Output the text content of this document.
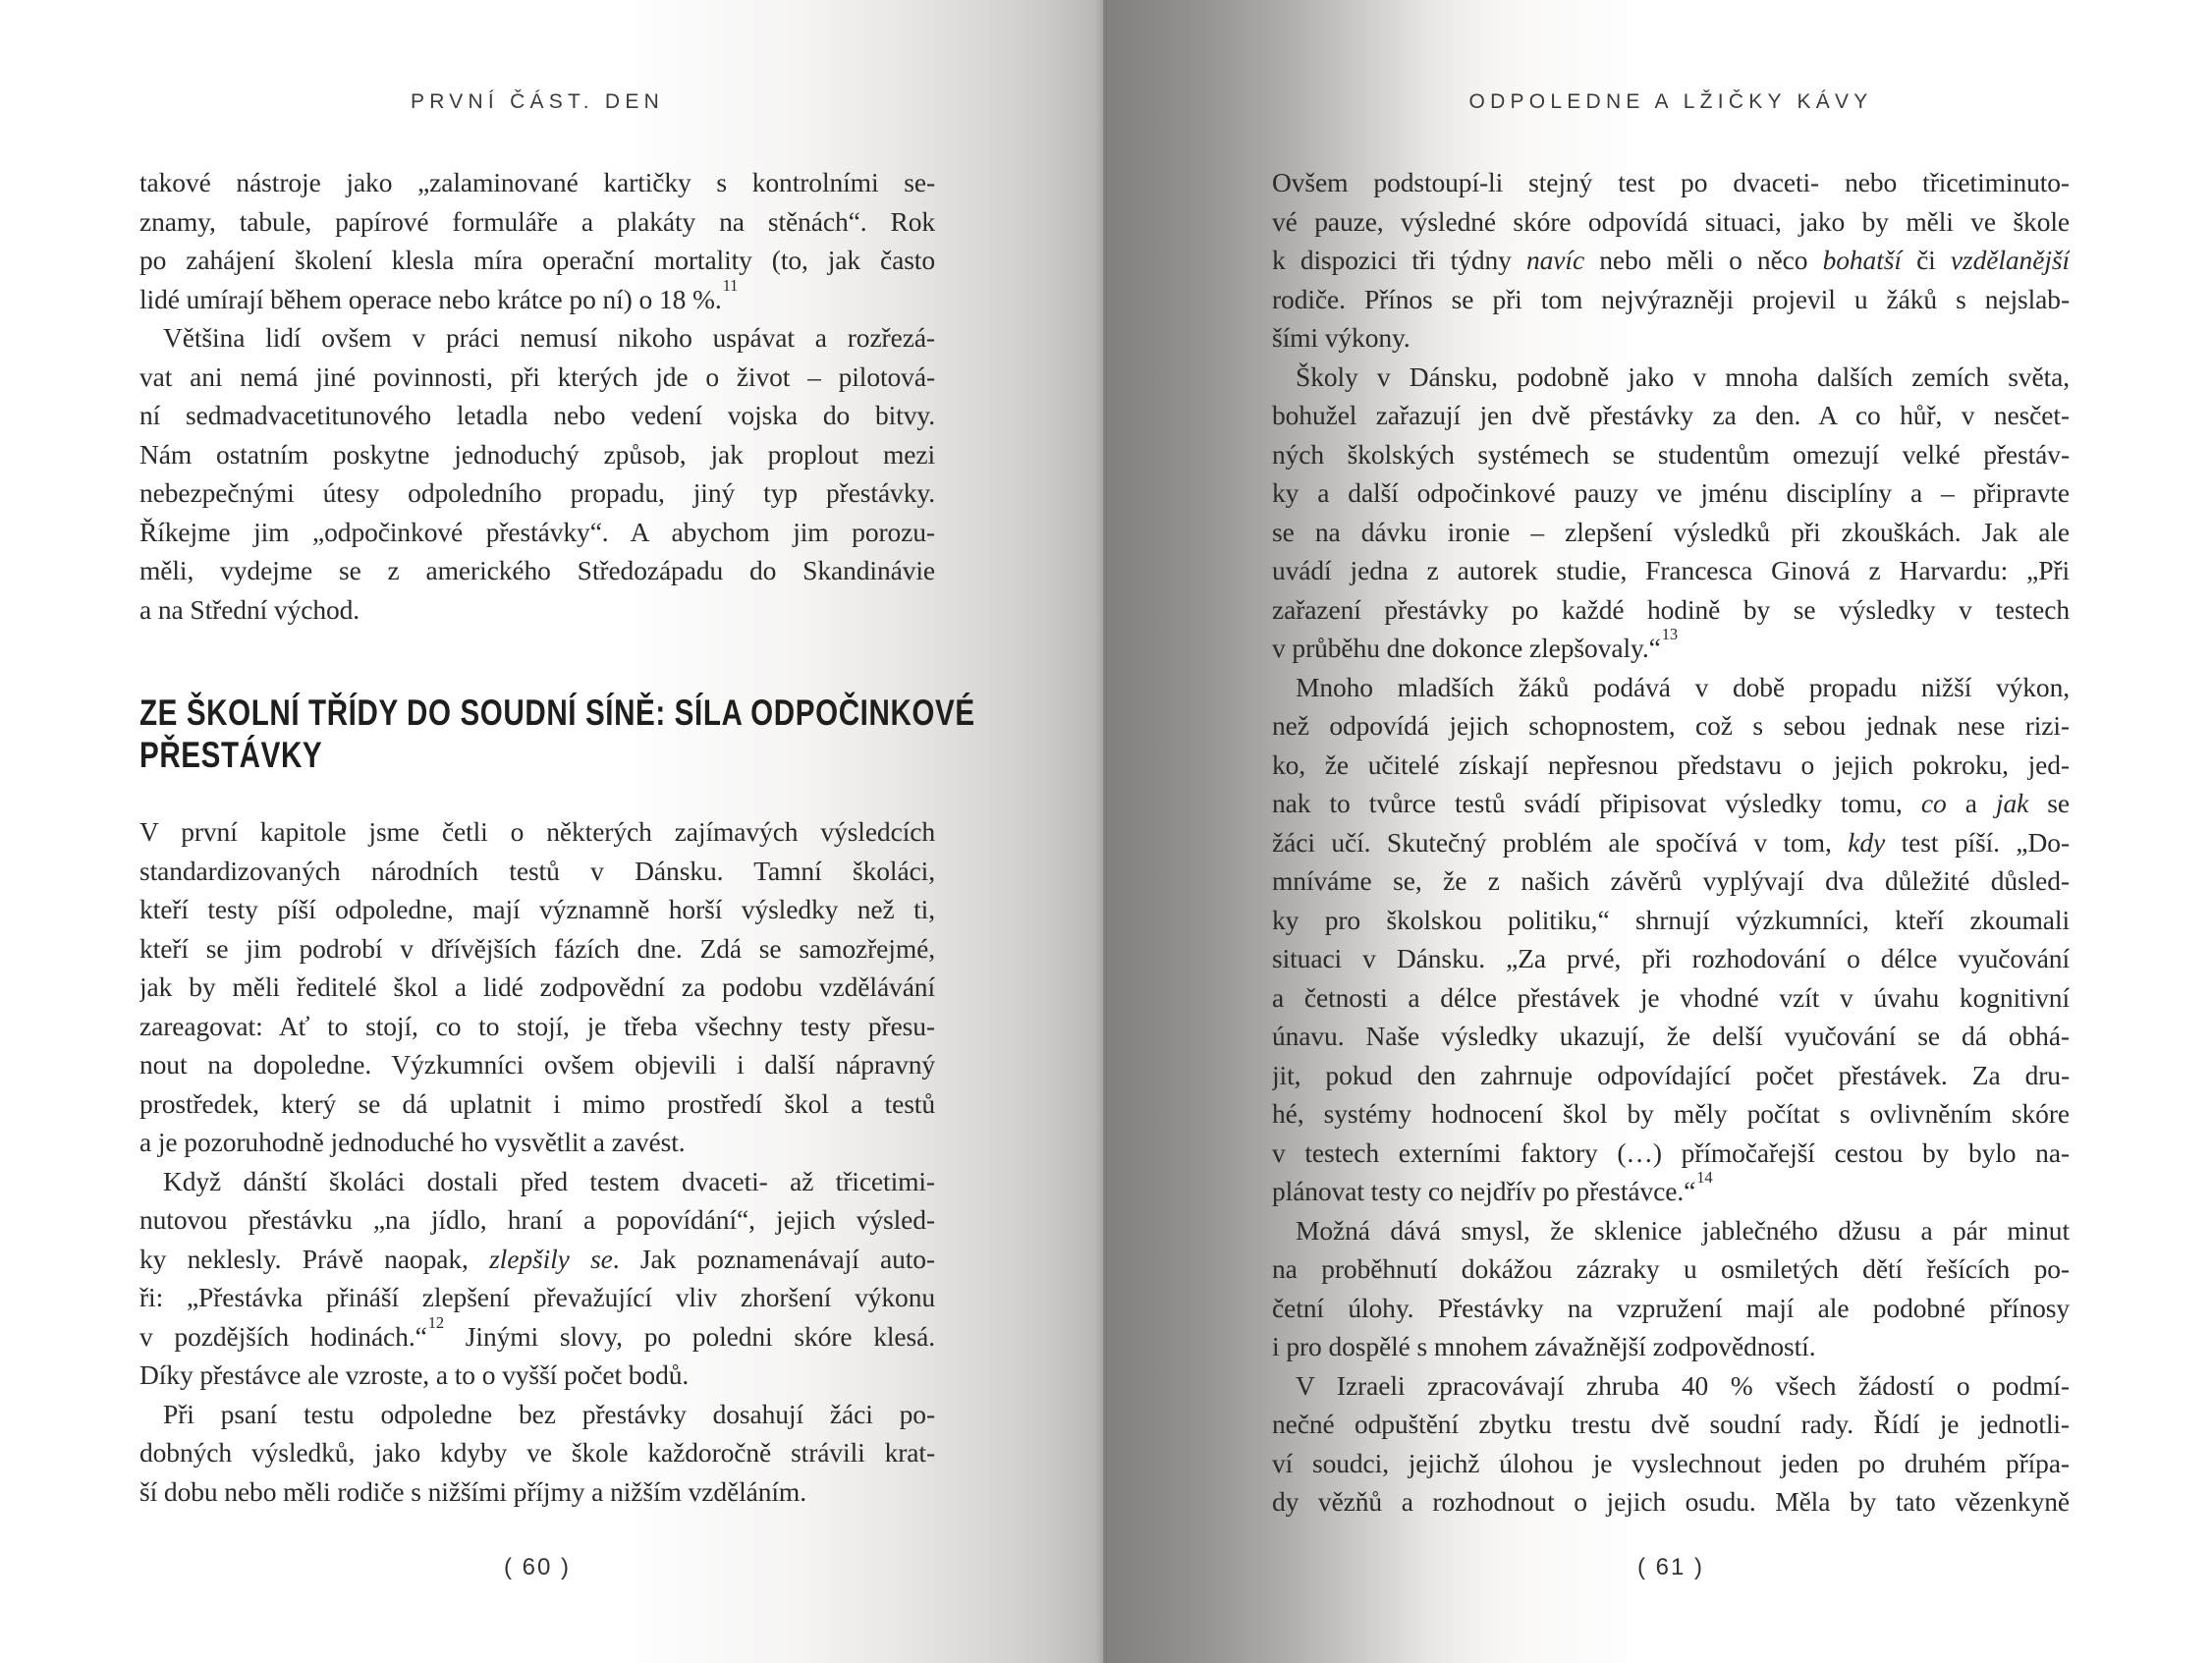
PRVNÍ ČÁST. DEN
takové nástroje jako „zalaminované kartičky s kontrolními se-
znamy, tabule, papírové formuláře a plakáty na stěnách“. Rok
po zahájení školení klesla míra operační mortality (to, jak často
lidé umírají během operace nebo krátce po ní) o 18 %.$^{11}$
Většina lidí ovšem v práci nemusí nikoho uspávat a rozřezá-
vat ani nemá jiné povinnosti, při kterých jde o život – pilotová-
ní sedmadvacetitunového letadla nebo vedení vojska do bitvy.
Nám ostatním poskytne jednoduchý způsob, jak proplout mezi
nebezpečnými útesy odpoledního propadu, jiný typ přestávky.
Říkejme jim „odpočinkové přestávky“. A abychom jim porozu-
měli, vydejme se z amerického Středozápadu do Skandinávie
a na Střední východ.
ZE ŠKOLNÍ TŘÍDY DO SOUDNÍ SÍNĚ: SÍLA ODPOČINKOVÉ
PŘESTÁVKY
V první kapitole jsme četli o některých zajímavých výsledcích
standardizovaných národních testů v Dánsku. Tamní školáci,
kteří testy píší odpoledne, mají významně horší výsledky než ti,
kteří se jim podrobí v dřívějších fázích dne. Zdá se samozřejmé,
jak by měli ředitelé škol a lidé zodpovědní za podobu vzdělávání
zareagovat: Ať to stojí, co to stojí, je třeba všechny testy přesu-
nout na dopoledne. Výzkumníci ovšem objevili i další nápravný
prostředek, který se dá uplatnit i mimo prostředí škol a testů
a je pozoruhodně jednoduché ho vysvětlit a zavést.
Když dánští školáci dostali před testem dvaceti- až třicetimi-
nutovou přestávku „na jídlo, hraní a popovídání“, jejich výsled-
ky neklesly. Právě naopak, zlepšily se. Jak poznamenávají auto-
ři: „Přestávka přináší zlepšení převažující vliv zhoršení výkonu
v pozdějších hodinách.“$^{12}$ Jinými slovy, po poledni skóre klesá.
Díky přestávce ale vzroste, a to o vyšší počet bodů.
Při psaní testu odpoledne bez přestávky dosahují žáci po-
dobných výsledků, jako kdyby ve škole každoročně strávili krat-
ší dobu nebo měli rodiče s nižšími příjmy a nižším vzděláním.
( 60 )
ODPOLEDNE A LŽIČKY KÁVY
Ovšem podstoupí-li stejný test po dvaceti- nebo třicetiminuto-
vé pauze, výsledné skóre odpovídá situaci, jako by měli ve škole
k dispozici tři týdny navíc nebo měli o něco bohatší či vzdělanější
rodiče. Přínos se při tom nejvýrazněji projevil u žáků s nejslab-
šími výkony.
Školy v Dánsku, podobně jako v mnoha dalších zemích světa,
bohužel zařazují jen dvě přestávky za den. A co hůř, v nesčet-
ných školských systémech se studentům omezují velké přestáv-
ky a další odpočinkové pauzy ve jménu disciplíny a – připravte
se na dávku ironie – zlepšení výsledků při zkouškách. Jak ale
uvádí jedna z autorek studie, Francesca Ginová z Harvardu: „Při
zařazení přestávky po každé hodině by se výsledky v testech
v průběhu dne dokonce zlepšovaly.“$^{13}$
Mnoho mladších žáků podává v době propadu nižší výkon,
než odpovídá jejich schopnostem, což s sebou jednak nese rizi-
ko, že učitelé získají nepřesnou představu o jejich pokroku, jed-
nak to tvůrce testů svádí připisovat výsledky tomu, co a jak se
žáci učí. Skutečný problém ale spočívá v tom, kdy test píší. „Do-
mníváme se, že z našich závěrů vyplývají dva důležité důsled-
ky pro školskou politiku,“ shrnují výzkumníci, kteří zkoumali
situaci v Dánsku. „Za prvé, při rozhodování o délce vyučování
a četnosti a délce přestávek je vhodné vzít v úvahu kognitivní
únavu. Naše výsledky ukazují, že delší vyučování se dá obhá-
jit, pokud den zahrnuje odpovídající počet přestávek. Za dru-
hé, systémy hodnocení škol by měly počítat s ovlivněním skóre
v testech externími faktory (…) přímočařejší cestou by bylo na-
plánovat testy co nejdřív po přestávce.“$^{14}$
Možná dává smysl, že sklenice jablečného džusu a pár minut
na proběhnutí dokážou zázraky u osmiletých dětí řešících po-
četní úlohy. Přestávky na vzpružení mají ale podobné přínosy
i pro dospělé s mnohem závažnější zodpovědností.
V Izraeli zpracovávají zhruba 40 % všech žádostí o podmí-
nečné odpuštění zbytku trestu dvě soudní rady. Řídí je jednotli-
ví soudci, jejichž úlohou je vyslechnout jeden po druhém přípa-
dy vězňů a rozhodnout o jejich osudu. Měla by tato vězenkyně
( 61 )
